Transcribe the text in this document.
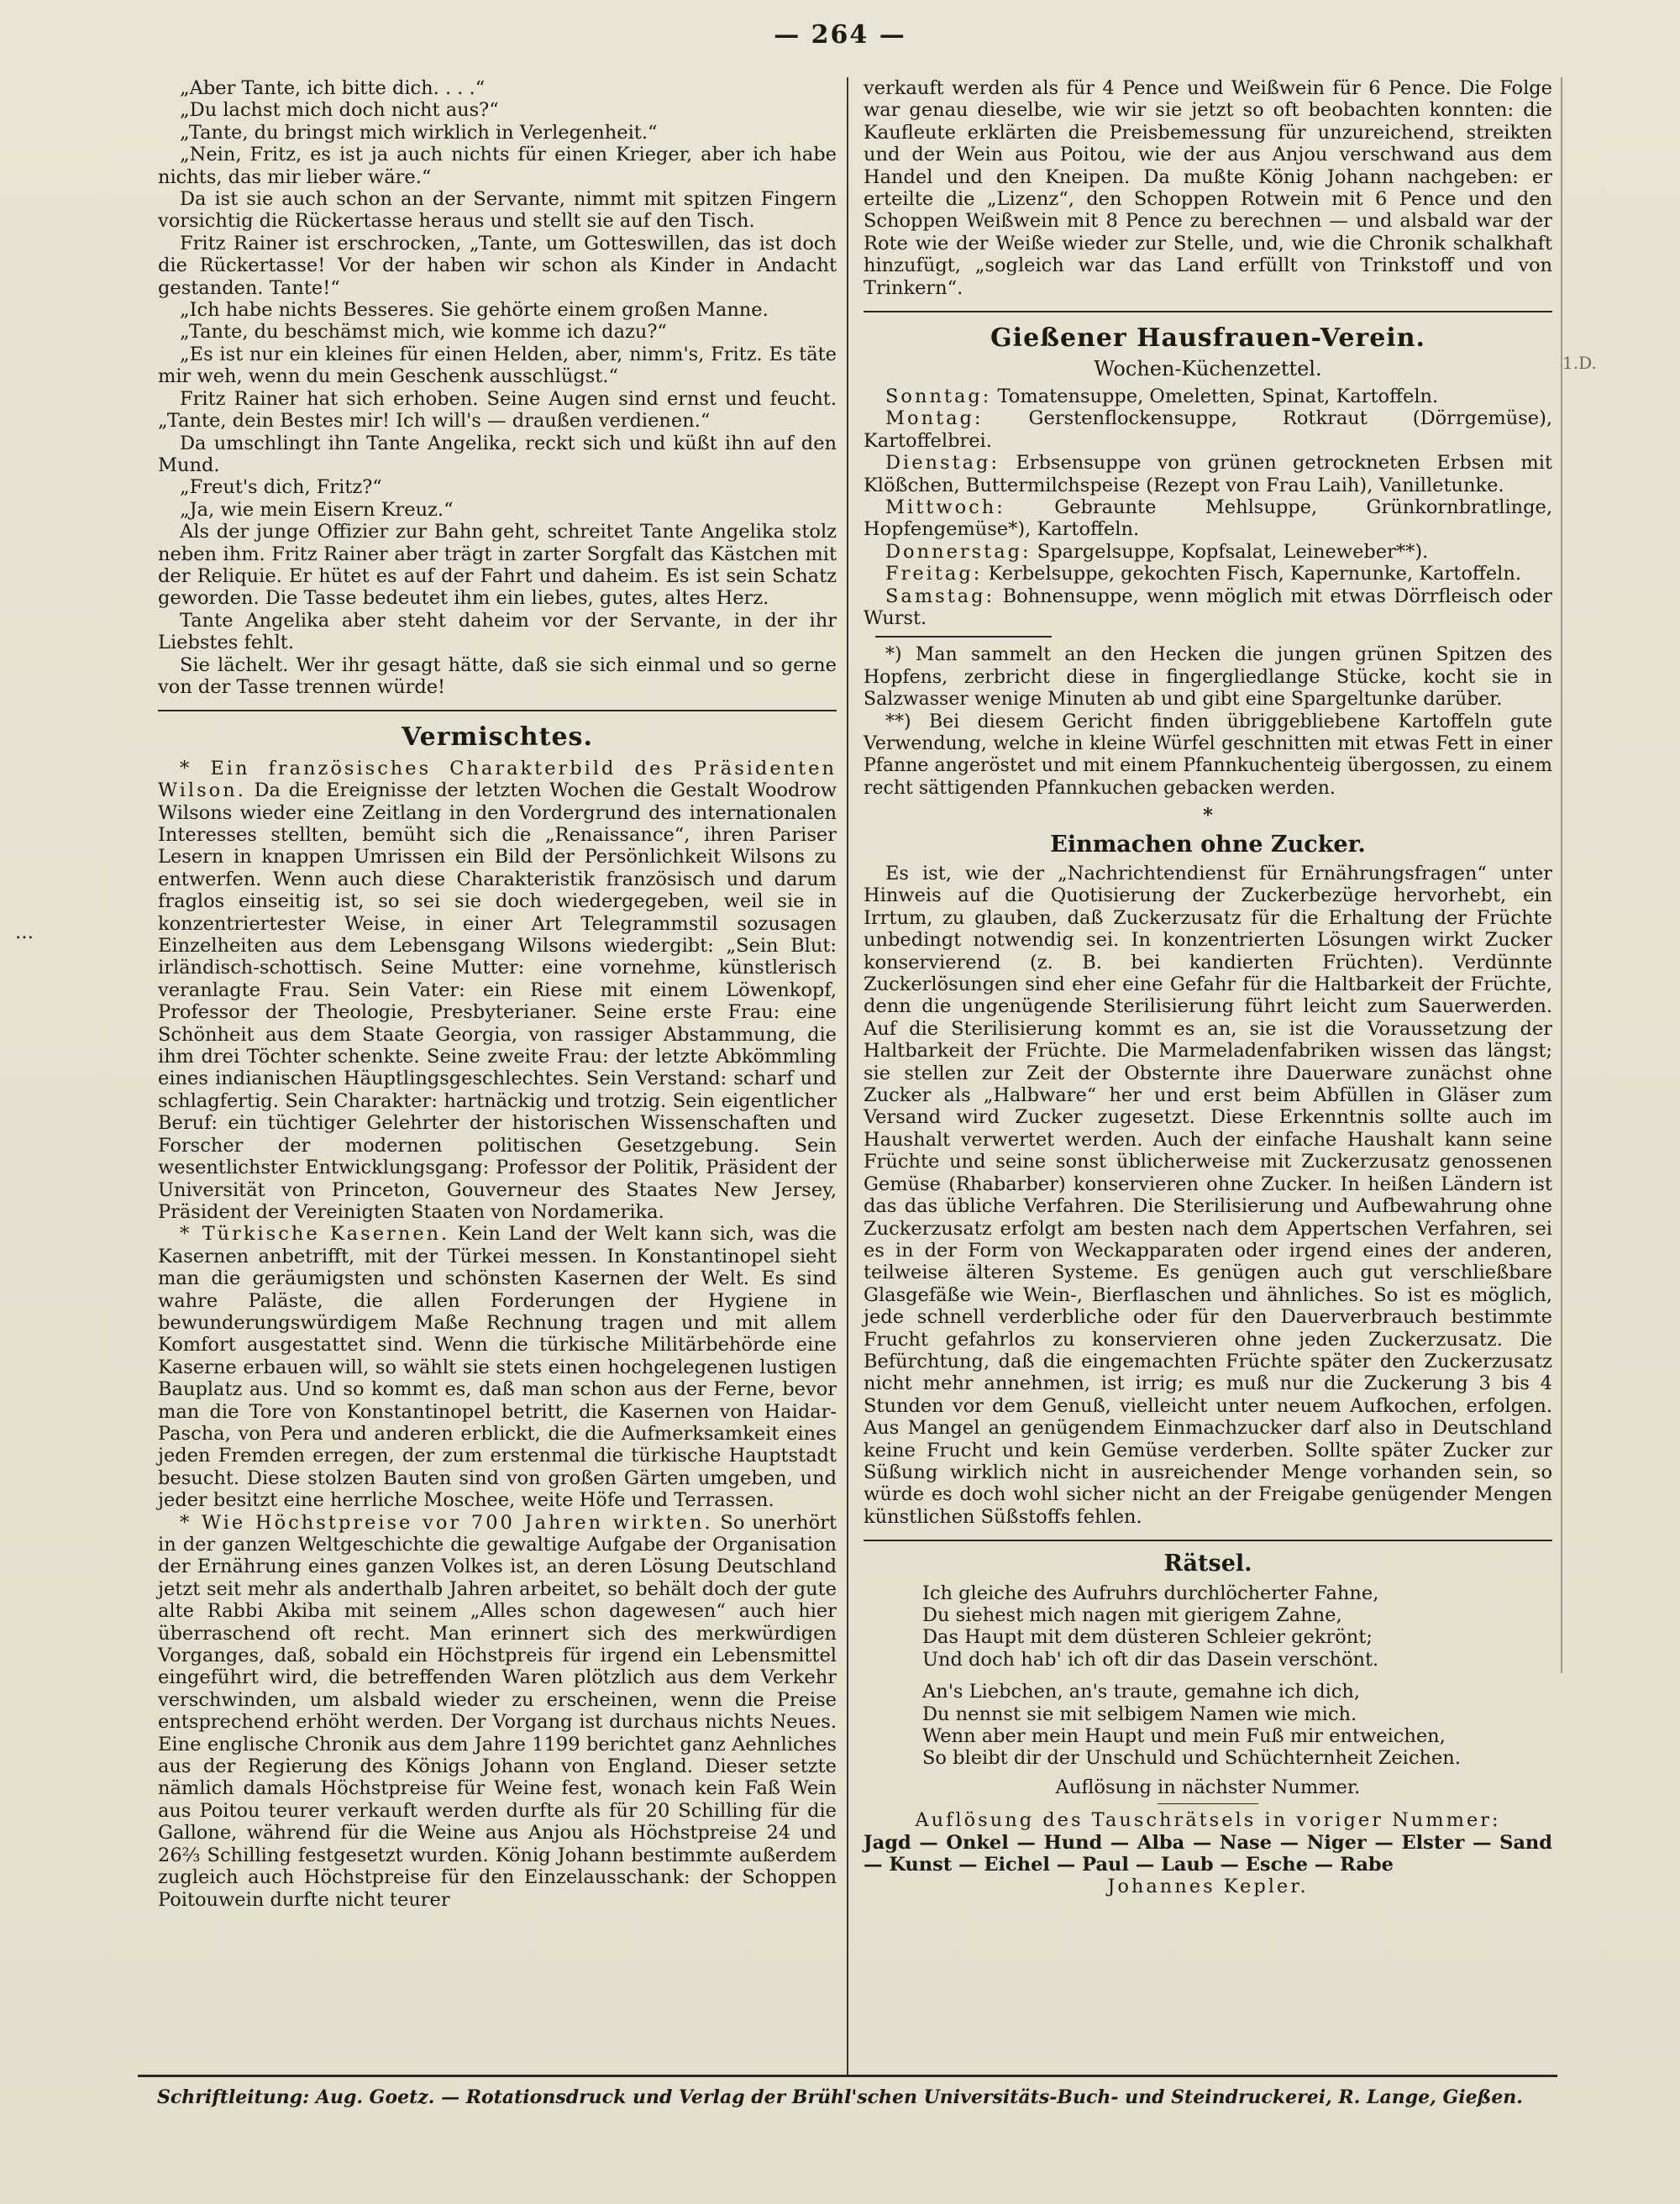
— 264 —
…
1.D.

„Aber Tante, ich bitte dich. . . .“

„Du lachst mich doch nicht aus?“

„Tante, du bringst mich wirklich in Verlegenheit.“

„Nein, Fritz, es ist ja auch nichts für einen Krieger, aber ich habe nichts, das mir lieber wäre.“

Da ist sie auch schon an der Servante, nimmt mit spitzen Fingern vorsichtig die Rückertasse heraus und stellt sie auf den Tisch.

Fritz Rainer ist erschrocken, „Tante, um Gotteswillen, das ist doch die Rückertasse! Vor der haben wir schon als Kinder in Andacht gestanden. Tante!“

„Ich habe nichts Besseres. Sie gehörte einem großen Manne.

„Tante, du beschämst mich, wie komme ich dazu?“

„Es ist nur ein kleines für einen Helden, aber, nimm's, Fritz. Es täte mir weh, wenn du mein Geschenk ausschlügst.“

Fritz Rainer hat sich erhoben. Seine Augen sind ernst und feucht. „Tante, dein Bestes mir! Ich will's — draußen verdienen.“

Da umschlingt ihn Tante Angelika, reckt sich und küßt ihn auf den Mund.

„Freut's dich, Fritz?“

„Ja, wie mein Eisern Kreuz.“

Als der junge Offizier zur Bahn geht, schreitet Tante Angelika stolz neben ihm. Fritz Rainer aber trägt in zarter Sorgfalt das Kästchen mit der Reliquie. Er hütet es auf der Fahrt und daheim. Es ist sein Schatz geworden. Die Tasse bedeutet ihm ein liebes, gutes, altes Herz.

Tante Angelika aber steht daheim vor der Servante, in der ihr Liebstes fehlt.

Sie lächelt. Wer ihr gesagt hätte, daß sie sich einmal und so gerne von der Tasse trennen würde!

Vermischtes.

* Ein französisches Charakterbild des Präsidenten Wilson. Da die Ereignisse der letzten Wochen die Gestalt Woodrow Wilsons wieder eine Zeitlang in den Vordergrund des internationalen Interesses stellten, bemüht sich die „Renaissance“, ihren Pariser Lesern in knappen Umrissen ein Bild der Persönlichkeit Wilsons zu entwerfen. Wenn auch diese Charakteristik französisch und darum fraglos einseitig ist, so sei sie doch wiedergegeben, weil sie in konzentriertester Weise, in einer Art Telegrammstil sozusagen Einzelheiten aus dem Lebensgang Wilsons wiedergibt: „Sein Blut: irländisch-schottisch. Seine Mutter: eine vornehme, künstlerisch veranlagte Frau. Sein Vater: ein Riese mit einem Löwenkopf, Professor der Theologie, Presbyterianer. Seine erste Frau: eine Schönheit aus dem Staate Georgia, von rassiger Abstammung, die ihm drei Töchter schenkte. Seine zweite Frau: der letzte Abkömmling eines indianischen Häuptlingsgeschlechtes. Sein Verstand: scharf und schlagfertig. Sein Charakter: hartnäckig und trotzig. Sein eigentlicher Beruf: ein tüchtiger Gelehrter der historischen Wissenschaften und Forscher der modernen politischen Gesetzgebung. Sein wesentlichster Entwicklungsgang: Professor der Politik, Präsident der Universität von Princeton, Gouverneur des Staates New Jersey, Präsident der Vereinigten Staaten von Nordamerika.

* Türkische Kasernen. Kein Land der Welt kann sich, was die Kasernen anbetrifft, mit der Türkei messen. In Konstantinopel sieht man die geräumigsten und schönsten Kasernen der Welt. Es sind wahre Paläste, die allen Forderungen der Hygiene in bewunderungswürdigem Maße Rechnung tragen und mit allem Komfort ausgestattet sind. Wenn die türkische Militärbehörde eine Kaserne erbauen will, so wählt sie stets einen hochgelegenen lustigen Bauplatz aus. Und so kommt es, daß man schon aus der Ferne, bevor man die Tore von Konstantinopel betritt, die Kasernen von Haidar-Pascha, von Pera und anderen erblickt, die die Aufmerksamkeit eines jeden Fremden erregen, der zum erstenmal die türkische Hauptstadt besucht. Diese stolzen Bauten sind von großen Gärten umgeben, und jeder besitzt eine herrliche Moschee, weite Höfe und Terrassen.

* Wie Höchstpreise vor 700 Jahren wirkten. So unerhört in der ganzen Weltgeschichte die gewaltige Aufgabe der Organisation der Ernährung eines ganzen Volkes ist, an deren Lösung Deutschland jetzt seit mehr als anderthalb Jahren arbeitet, so behält doch der gute alte Rabbi Akiba mit seinem „Alles schon dagewesen“ auch hier überraschend oft recht. Man erinnert sich des merkwürdigen Vorganges, daß, sobald ein Höchstpreis für irgend ein Lebensmittel eingeführt wird, die betreffenden Waren plötzlich aus dem Verkehr verschwinden, um alsbald wieder zu erscheinen, wenn die Preise entsprechend erhöht werden. Der Vorgang ist durchaus nichts Neues. Eine englische Chronik aus dem Jahre 1199 berichtet ganz Aehnliches aus der Regierung des Königs Johann von England. Dieser setzte nämlich damals Höchstpreise für Weine fest, wonach kein Faß Wein aus Poitou teurer verkauft werden durfte als für 20 Schilling für die Gallone, während für die Weine aus Anjou als Höchstpreise 24 und 26⅔ Schilling festgesetzt wurden. König Johann bestimmte außerdem zugleich auch Höchstpreise für den Einzelausschank: der Schoppen Poitouwein durfte nicht teurer

verkauft werden als für 4 Pence und Weißwein für 6 Pence. Die Folge war genau dieselbe, wie wir sie jetzt so oft beobachten konnten: die Kaufleute erklärten die Preisbemessung für unzureichend, streikten und der Wein aus Poitou, wie der aus Anjou verschwand aus dem Handel und den Kneipen. Da mußte König Johann nachgeben: er erteilte die „Lizenz“, den Schoppen Rotwein mit 6 Pence und den Schoppen Weißwein mit 8 Pence zu berechnen — und alsbald war der Rote wie der Weiße wieder zur Stelle, und, wie die Chronik schalkhaft hinzufügt, „sogleich war das Land erfüllt von Trinkstoff und von Trinkern“.

Gießener Hausfrauen-Verein.
Wochen-Küchenzettel.

Sonntag: Tomatensuppe, Omeletten, Spinat, Kartoffeln.

Montag: Gerstenflockensuppe, Rotkraut (Dörrgemüse), Kartoffelbrei.

Dienstag: Erbsensuppe von grünen getrockneten Erbsen mit Klößchen, Buttermilchspeise (Rezept von Frau Laih), Vanilletunke.

Mittwoch:	Gebraunte Mehlsuppe, Grünkornbratlinge, Hopfengemüse*), Kartoffeln.

Donnerstag: Spargelsuppe, Kopfsalat, Leineweber**).

Freitag: Kerbelsuppe, gekochten Fisch, Kapernunke, Kartoffeln.

Samstag: Bohnensuppe, wenn möglich mit etwas Dörrfleisch oder Wurst.

*) Man sammelt an den Hecken die jungen grünen Spitzen des Hopfens, zerbricht diese in fingergliedlange Stücke, kocht sie in Salzwasser wenige Minuten ab und gibt eine Spargeltunke darüber.

**) Bei diesem Gericht finden übriggebliebene Kartoffeln gute Verwendung, welche in kleine Würfel geschnitten mit etwas Fett in einer Pfanne angeröstet und mit einem Pfannkuchenteig übergossen, zu einem recht sättigenden Pfannkuchen gebacken werden.

*
Einmachen ohne Zucker.

Es ist, wie der „Nachrichtendienst für Ernährungsfragen“ unter Hinweis auf die Quotisierung der Zuckerbezüge hervorhebt, ein Irrtum, zu glauben, daß Zuckerzusatz für die Erhaltung der Früchte unbedingt notwendig sei. In konzentrierten Lösungen wirkt Zucker konservierend (z. B. bei kandierten Früchten). Verdünnte Zuckerlösungen sind eher eine Gefahr für die Haltbarkeit der Früchte, denn die ungenügende Sterilisierung führt leicht zum Sauerwerden. Auf die Sterilisierung kommt es an, sie ist die Voraussetzung der Haltbarkeit der Früchte. Die Marmeladenfabriken wissen das längst; sie stellen zur Zeit der Obsternte ihre Dauerware zunächst ohne Zucker als „Halbware“ her und erst beim Abfüllen in Gläser zum Versand wird Zucker zugesetzt. Diese Erkenntnis sollte auch im Haushalt verwertet werden. Auch der einfache Haushalt kann seine Früchte und seine sonst üblicherweise mit Zuckerzusatz genossenen Gemüse (Rhabarber) konservieren ohne Zucker. In heißen Ländern ist das das übliche Verfahren. Die Sterilisierung und Aufbewahrung ohne Zuckerzusatz erfolgt am besten nach dem Appertschen Verfahren, sei es in der Form von Weckapparaten oder irgend eines der anderen, teilweise älteren Systeme. Es genügen auch gut verschließbare Glasgefäße wie Wein-, Bierflaschen und ähnliches. So ist es möglich, jede schnell verderbliche oder für den Dauerverbrauch bestimmte Frucht gefahrlos zu konservieren ohne jeden Zuckerzusatz. Die Befürchtung, daß die eingemachten Früchte später den Zuckerzusatz nicht mehr annehmen, ist irrig; es muß nur die Zuckerung 3 bis 4 Stunden vor dem Genuß, vielleicht unter neuem Aufkochen, erfolgen. Aus Mangel an genügendem Einmachzucker darf also in Deutschland keine Frucht und kein Gemüse verderben. Sollte später Zucker zur Süßung wirklich nicht in ausreichender Menge vorhanden sein, so würde es doch wohl sicher nicht an der Freigabe genügender Mengen künstlichen Süßstoffs fehlen.

Rätsel.
Ich gleiche des Aufruhrs durchlöcherter Fahne,
Du siehest mich nagen mit gierigem Zahne,
Das Haupt mit dem düsteren Schleier gekrönt;
Und doch hab' ich oft dir das Dasein verschönt.
An's Liebchen, an's traute, gemahne ich dich,
Du nennst sie mit selbigem Namen wie mich.
Wenn aber mein Haupt und mein Fuß mir entweichen,
So bleibt dir der Unschuld und Schüchternheit Zeichen.
Auflösung in nächster Nummer.
Auflösung des Tauschrätsels in voriger Nummer:

Jagd — Onkel — Hund — Alba — Nase — Niger — Elster — Sand — Kunst — Eichel — Paul — Laub — Esche — Rabe

Johannes Kepler.
Schriftleitung: Aug. Goetz. — Rotationsdruck und Verlag der Brühl'schen Universitäts-Buch- und Steindruckerei, R. Lange, Gießen.
